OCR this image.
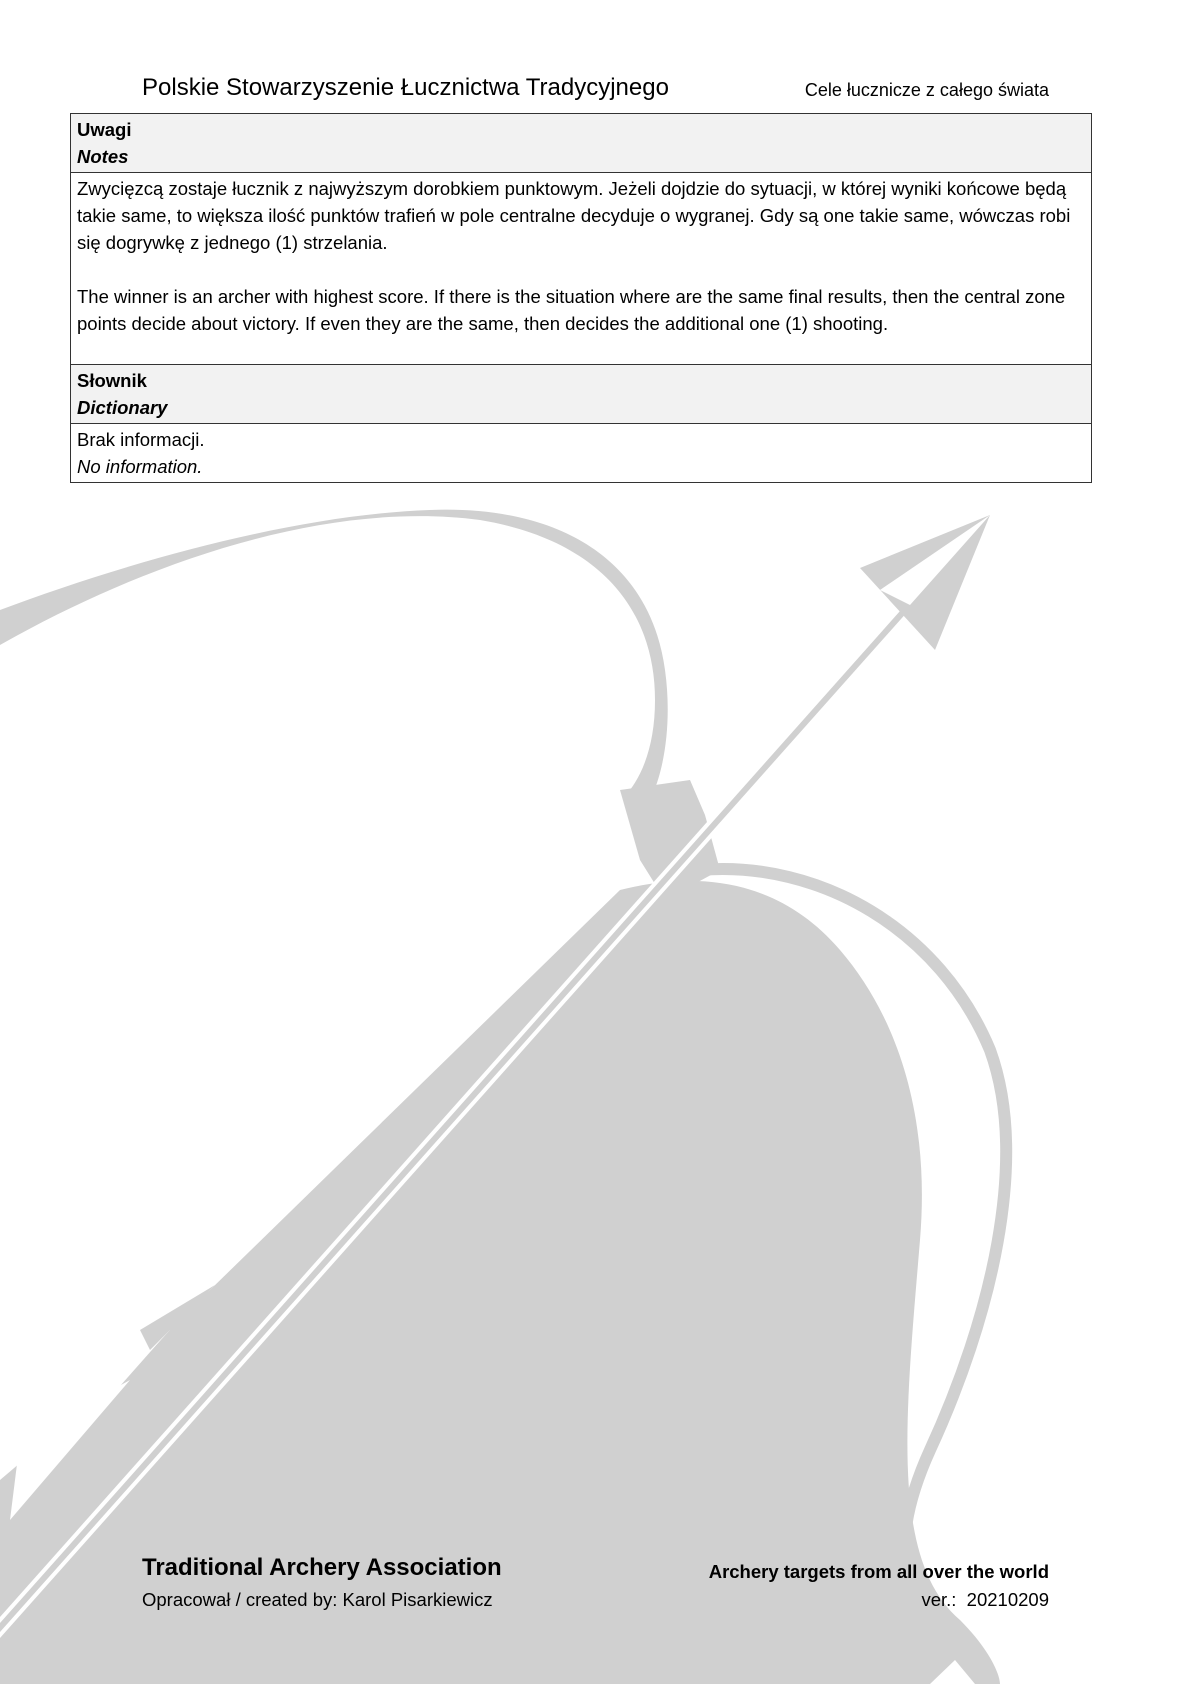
Polskie Stowarzyszenie Łucznictwa Tradycyjnego	Cele łucznicze z całego świata
Uwagi
Notes

Zwycięzcą zostaje łucznik z najwyższym dorobkiem punktowym. Jeżeli dojdzie do sytuacji, w której wyniki końcowe będą takie same, to większa ilość punktów trafień w pole centralne decyduje o wygranej. Gdy są one takie same, wówczas robi się dogrywkę z jednego (1) strzelania.
The winner is an archer with highest score. If there is the situation where are the same final results, then the central zone points decide about victory. If even they are the same, then decides the additional one (1) shooting.

Słownik
Dictionary

Brak informacji.
No information.
Traditional Archery Association
Opracował / created by: Karol Pisarkiewicz
Archery targets from all over the world
ver.:  20210209
